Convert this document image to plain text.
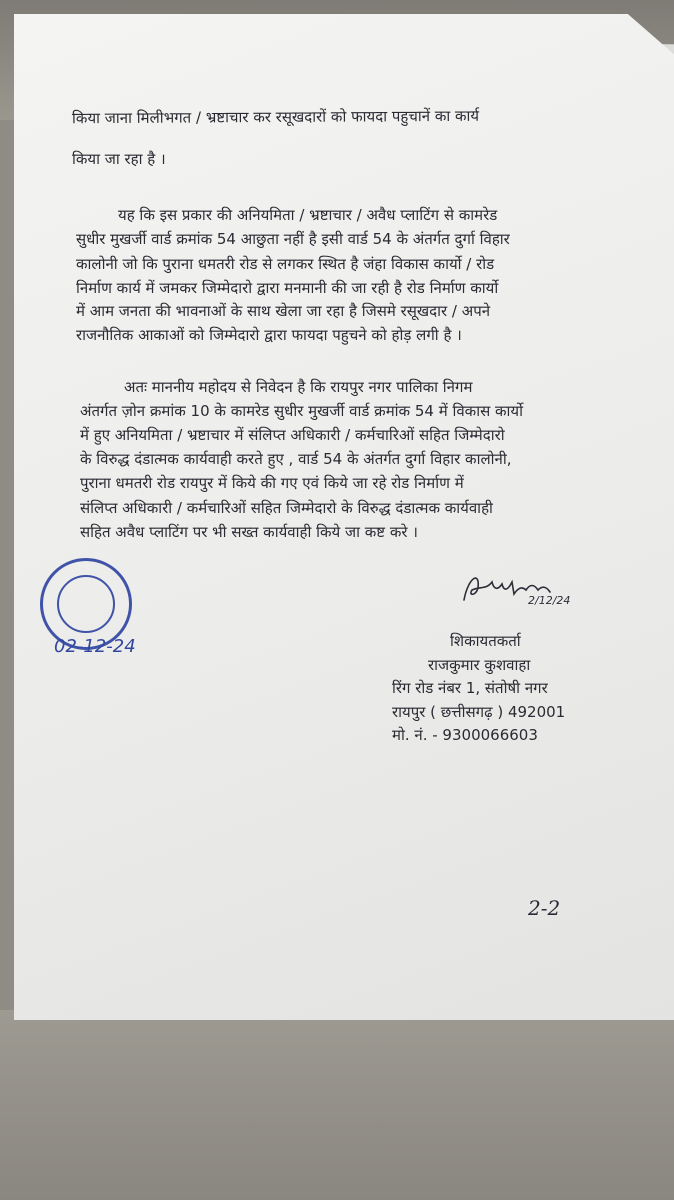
किया जाना मिलीभगत / भ्रष्टाचार कर रसूखदारों को फायदा पहुचानें का कार्य
किया जा रहा है ।
यह कि इस प्रकार की अनियमिता / भ्रष्टाचार / अवैध प्लाटिंग से कामरेड
सुधीर मुखर्जी वार्ड क्रमांक 54 आछुता नहीं है इसी वार्ड 54 के अंतर्गत दुर्गा विहार
कालोनी जो कि पुराना धमतरी रोड से लगकर स्थित है जंहा विकास कार्यो / रोड
निर्माण कार्य में जमकर जिम्मेदारो द्वारा मनमानी की जा रही है रोड निर्माण कार्यो
में आम जनता की भावनाओं के साथ खेला जा रहा है जिसमे रसूखदार / अपने
राजनौतिक आकाओं को जिम्मेदारो द्वारा फायदा पहुचने को होड़ लगी है ।
अतः माननीय महोदय से निवेदन है कि रायपुर नगर पालिका निगम
अंतर्गत ज़ोन क्रमांक 10 के कामरेड सुधीर मुखर्जी वार्ड क्रमांक 54 में विकास कार्यो
में हुए अनियमिता / भ्रष्टाचार में संलिप्त अधिकारी / कर्मचारिओं सहित जिम्मेदारो
के विरुद्ध दंडात्मक कार्यवाही करते हुए , वार्ड 54 के अंतर्गत दुर्गा विहार कालोनी,
पुराना धमतरी रोड रायपुर में किये की गए एवं किये जा रहे रोड निर्माण में
संलिप्त अधिकारी / कर्मचारिओं सहित जिम्मेदारो के विरुद्ध दंडात्मक कार्यवाही
सहित अवैध प्लाटिंग पर भी सख्त कार्यवाही किये जा कष्ट करे ।
02-12-24
2/12/24
शिकायतकर्ता
राजकुमार कुशवाहा
रिंग रोड नंबर 1, संतोषी नगर
रायपुर ( छत्तीसगढ़ ) 492001
मो. नं. - 9300066603
2-2
